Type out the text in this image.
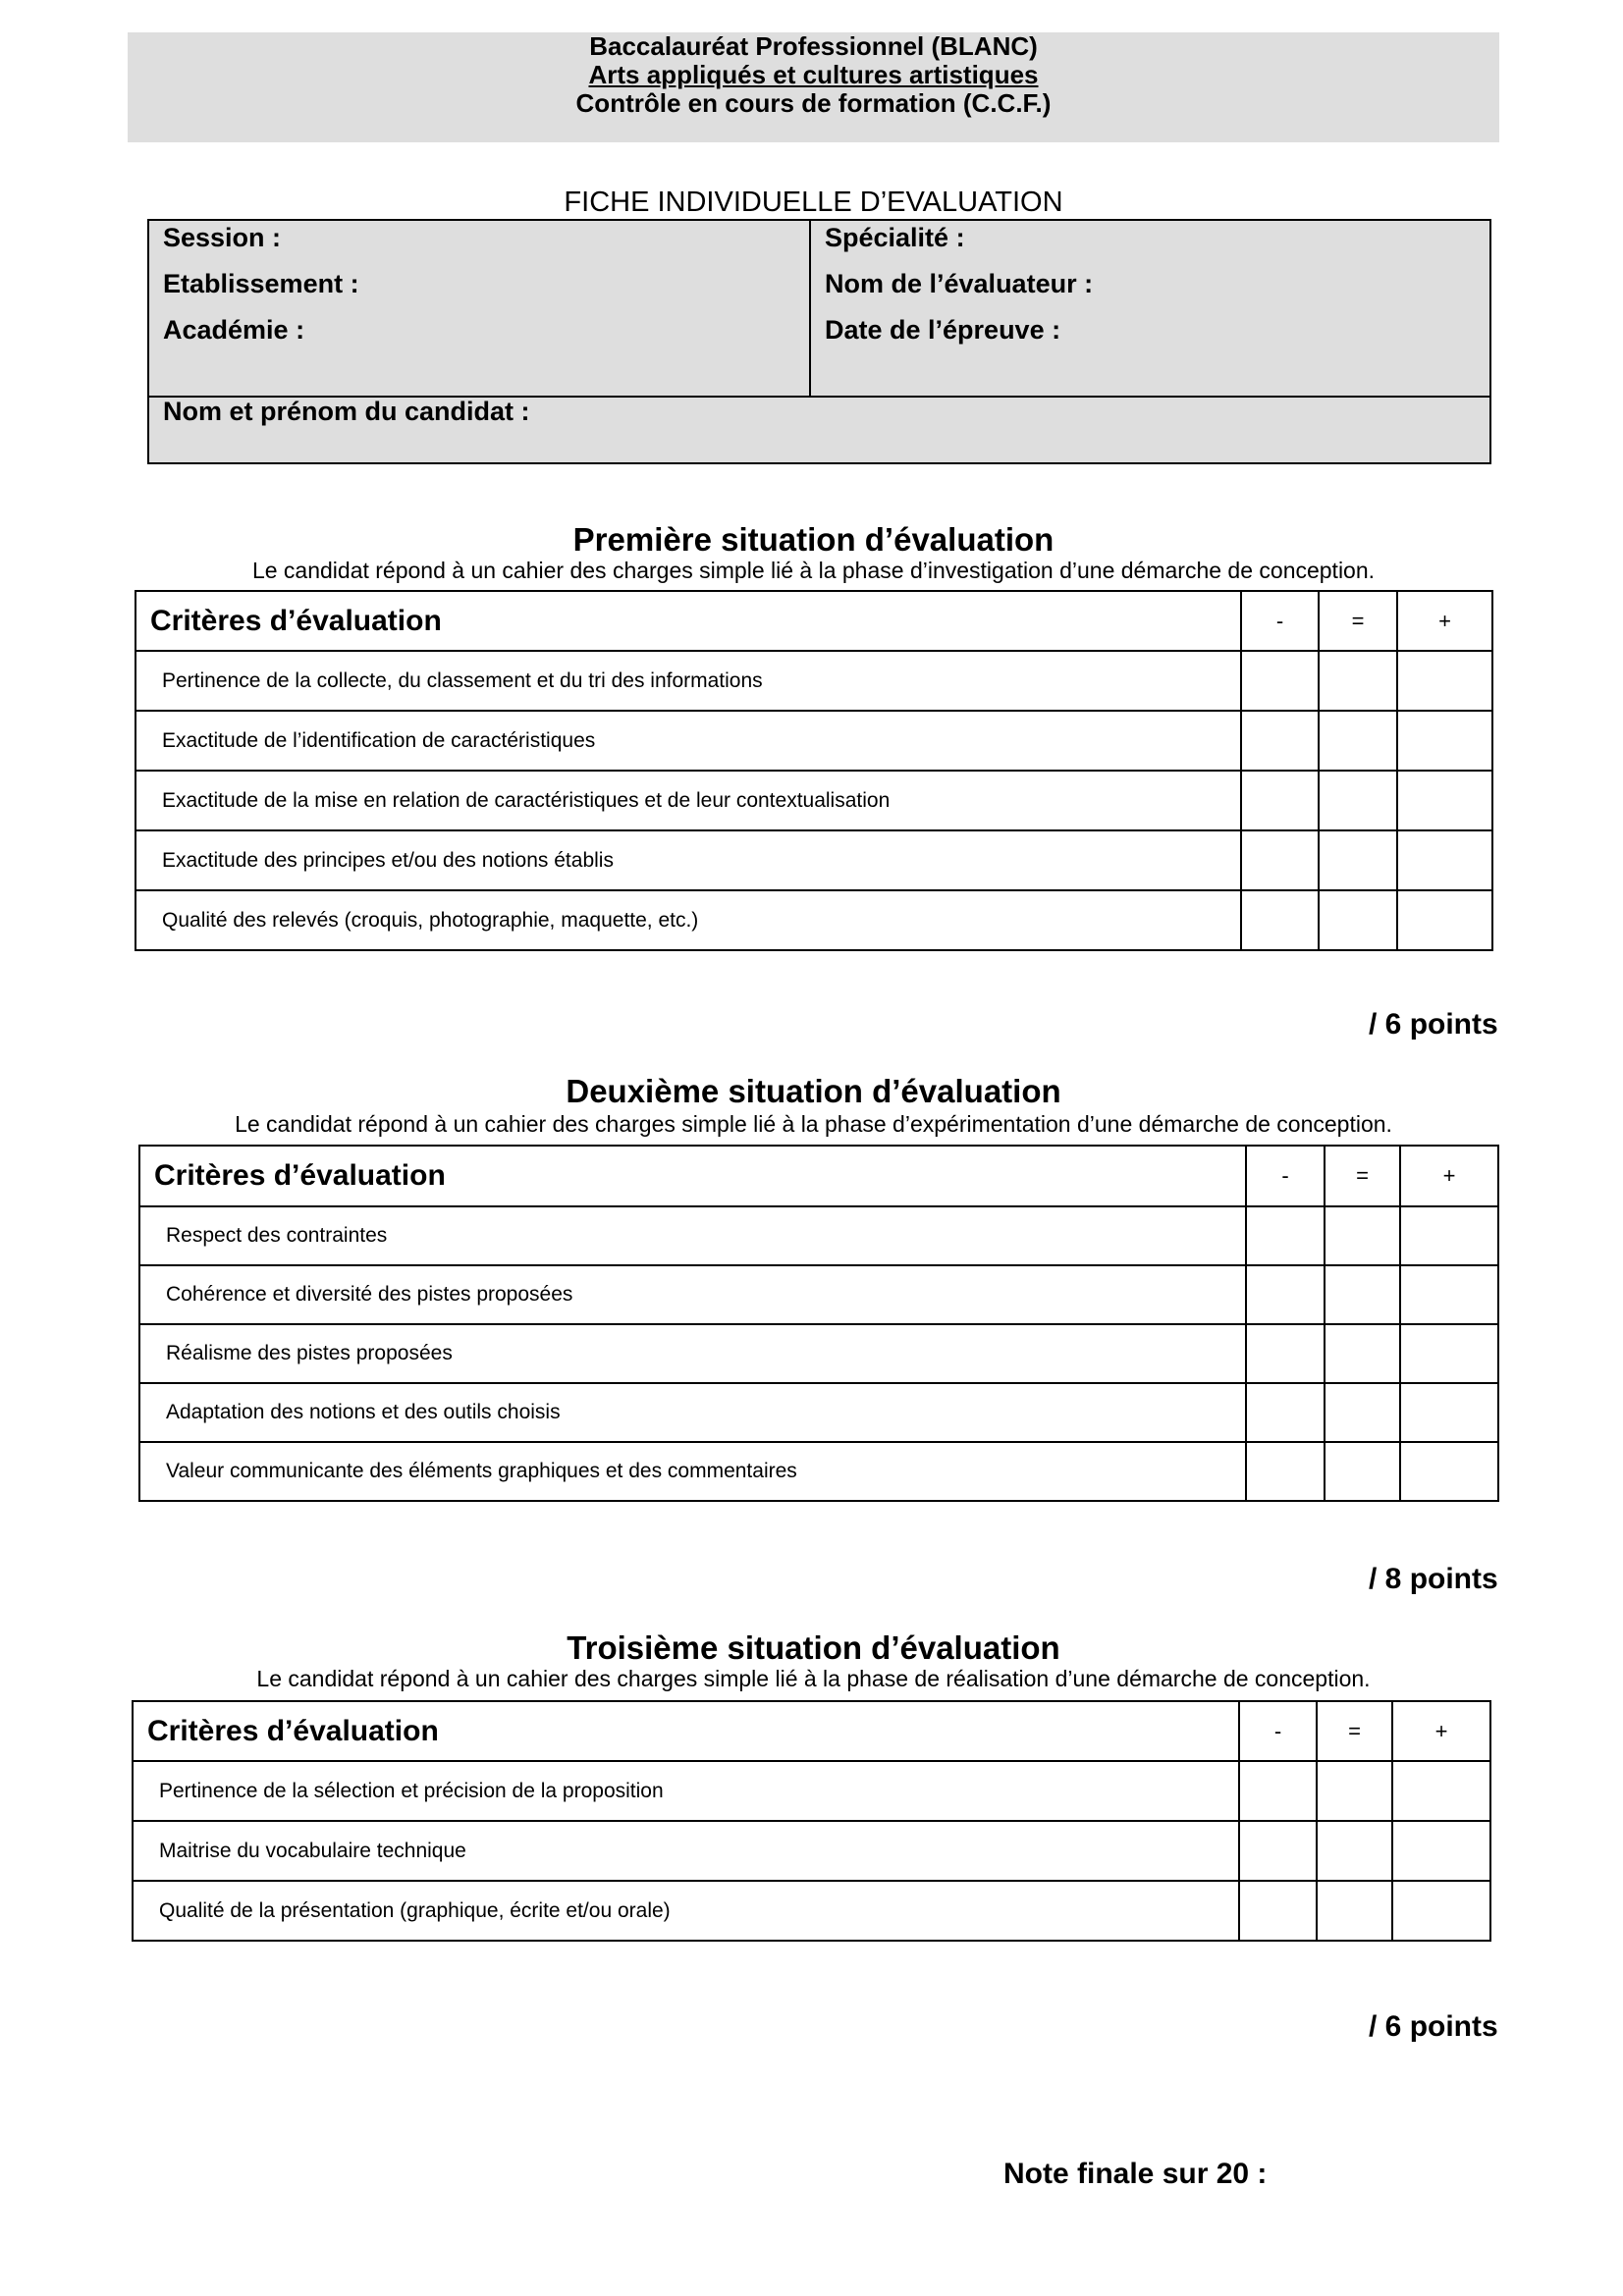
Baccalauréat Professionnel (BLANC)
Arts appliqués et cultures artistiques
Contrôle en cours de formation (C.C.F.)
FICHE INDIVIDUELLE D’EVALUATION
Session :
Etablissement :
Académie :
Spécialité :
Nom de l’évaluateur :
Date de l’épreuve :
Nom et prénom du candidat :
Première situation d’évaluation
Le candidat répond à un cahier des charges simple lié à la phase d’investigation d’une démarche de conception.
Critères d’évaluation	-	=	+
Pertinence de la collecte, du classement et du tri des informations			
Exactitude de l’identification de caractéristiques			
Exactitude de la mise en relation de caractéristiques et de leur contextualisation			
Exactitude des principes et/ou des notions établis			
Qualité des relevés (croquis, photographie, maquette, etc.)			
/ 6 points
Deuxième situation d’évaluation
Le candidat répond à un cahier des charges simple lié à la phase d’expérimentation d’une démarche de conception.
Critères d’évaluation	-	=	+
Respect des contraintes			
Cohérence et diversité des pistes proposées			
Réalisme des pistes proposées			
Adaptation des notions et des outils choisis			
Valeur communicante des éléments graphiques et des commentaires			
/ 8 points
Troisième situation d’évaluation
Le candidat répond à un cahier des charges simple lié à la phase de réalisation d’une démarche de conception.
Critères d’évaluation	-	=	+
Pertinence de la sélection et précision de la proposition			
Maitrise du vocabulaire technique			
Qualité de la présentation (graphique, écrite et/ou orale)			
/ 6 points
Note finale sur 20 :
